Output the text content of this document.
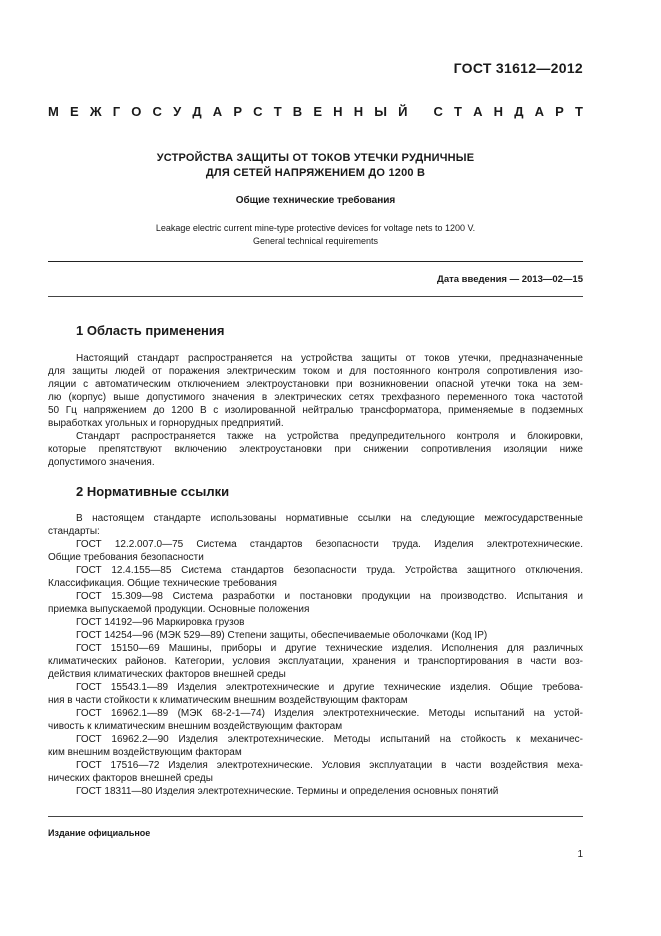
ГОСТ 31612—2012
М Е Ж Г О С У Д А Р С Т В Е Н Н Ы Й
С Т А Н Д А Р Т
УСТРОЙСТВА ЗАЩИТЫ ОТ ТОКОВ УТЕЧКИ РУДНИЧНЫЕ
ДЛЯ СЕТЕЙ НАПРЯЖЕНИЕМ ДО 1200 В
Общие технические требования
Leakage electric current mine-type protective devices for voltage nets to 1200 V.
General technical requirements
Дата введения — 2013—02—15
1 Область применения
Настоящий стандарт распространяется на устройства защиты от токов утечки, предназначенные
для защиты людей от поражения электрическим током и для постоянного контроля сопротивления изо-
ляции с автоматическим отключением электроустановки при возникновении опасной утечки тока на зем-
лю (корпус) выше допустимого значения в электрических сетях трехфазного переменного тока частотой
50 Гц напряжением до 1200 В с изолированной нейтралью трансформатора, применяемые в подземных
выработках угольных и горнорудных предприятий.
Стандарт распространяется также на устройства предупредительного контроля и блокировки,
которые препятствуют включению электроустановки при снижении сопротивления изоляции ниже
допустимого значения.
2 Нормативные ссылки
В настоящем стандарте использованы нормативные ссылки на следующие межгосударственные
стандарты:
ГОСТ 12.2.007.0—75 Система стандартов безопасности труда. Изделия электротехнические.
Общие требования безопасности
ГОСТ 12.4.155—85 Система стандартов безопасности труда. Устройства защитного отключения.
Классификация. Общие технические требования
ГОСТ 15.309—98 Система разработки и постановки продукции на производство. Испытания и
приемка выпускаемой продукции. Основные положения
ГОСТ 14192—96 Маркировка грузов
ГОСТ 14254—96 (МЭК 529—89) Степени защиты, обеспечиваемые оболочками (Код IP)
ГОСТ 15150—69 Машины, приборы и другие технические изделия. Исполнения для различных
климатических районов. Категории, условия эксплуатации, хранения и транспортирования в части воз-
действия климатических факторов внешней среды
ГОСТ 15543.1—89 Изделия электротехнические и другие технические изделия. Общие требова-
ния в части стойкости к климатическим внешним воздействующим факторам
ГОСТ 16962.1—89 (МЭК 68-2-1—74) Изделия электротехнические. Методы испытаний на устой-
чивость к климатическим внешним воздействующим факторам
ГОСТ 16962.2—90 Изделия электротехнические. Методы испытаний на стойкость к механичес-
ким внешним воздействующим факторам
ГОСТ 17516—72 Изделия электротехнические. Условия эксплуатации в части воздействия меха-
нических факторов внешней среды
ГОСТ 18311—80 Изделия электротехнические. Термины и определения основных понятий
Издание официальное
1
